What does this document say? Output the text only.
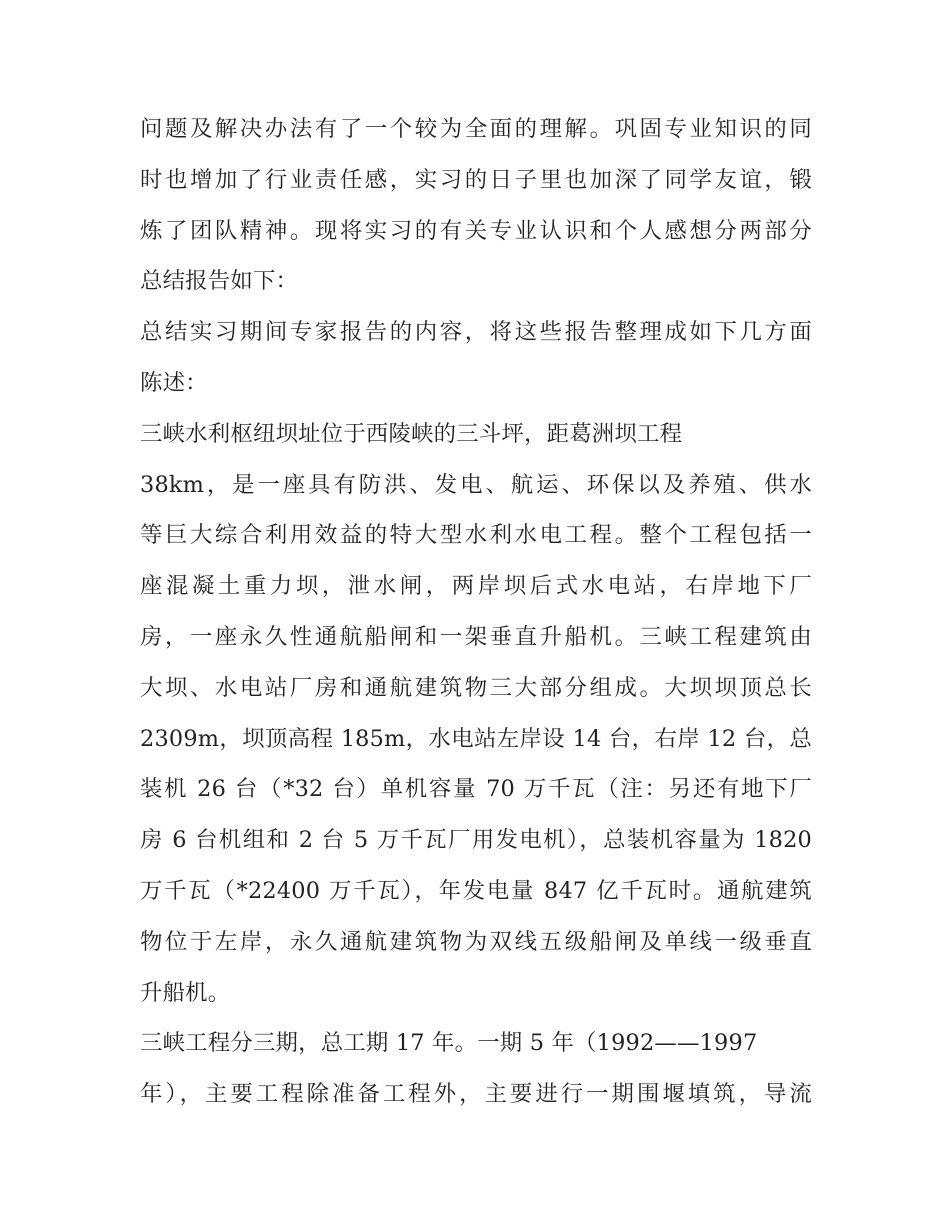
问题及解决办法有了一个较为全面的理解。巩固专业知识的同
时也增加了行业责任感，实习的日子里也加深了同学友谊，锻
炼了团队精神。现将实习的有关专业认识和个人感想分两部分
总结报告如下：
总结实习期间专家报告的内容，将这些报告整理成如下几方面
陈述：
三峡水利枢纽坝址位于西陵峡的三斗坪，距葛洲坝工程
38km，是一座具有防洪、发电、航运、环保以及养殖、供水
等巨大综合利用效益的特大型水利水电工程。整个工程包括一
座混凝土重力坝，泄水闸，两岸坝后式水电站，右岸地下厂
房，一座永久性通航船闸和一架垂直升船机。三峡工程建筑由
大坝、水电站厂房和通航建筑物三大部分组成。大坝坝顶总长
2309m，坝顶高程 185m，水电站左岸设 14 台，右岸 12 台，总
装机 26 台（*32 台）单机容量 70 万千瓦（注：另还有地下厂
房 6 台机组和 2 台 5 万千瓦厂用发电机），总装机容量为 1820
万千瓦（*22400 万千瓦），年发电量 847 亿千瓦时。通航建筑
物位于左岸，永久通航建筑物为双线五级船闸及单线一级垂直
升船机。
三峡工程分三期，总工期 17 年。一期 5 年（1992——1997
年），主要工程除准备工程外，主要进行一期围堰填筑，导流
